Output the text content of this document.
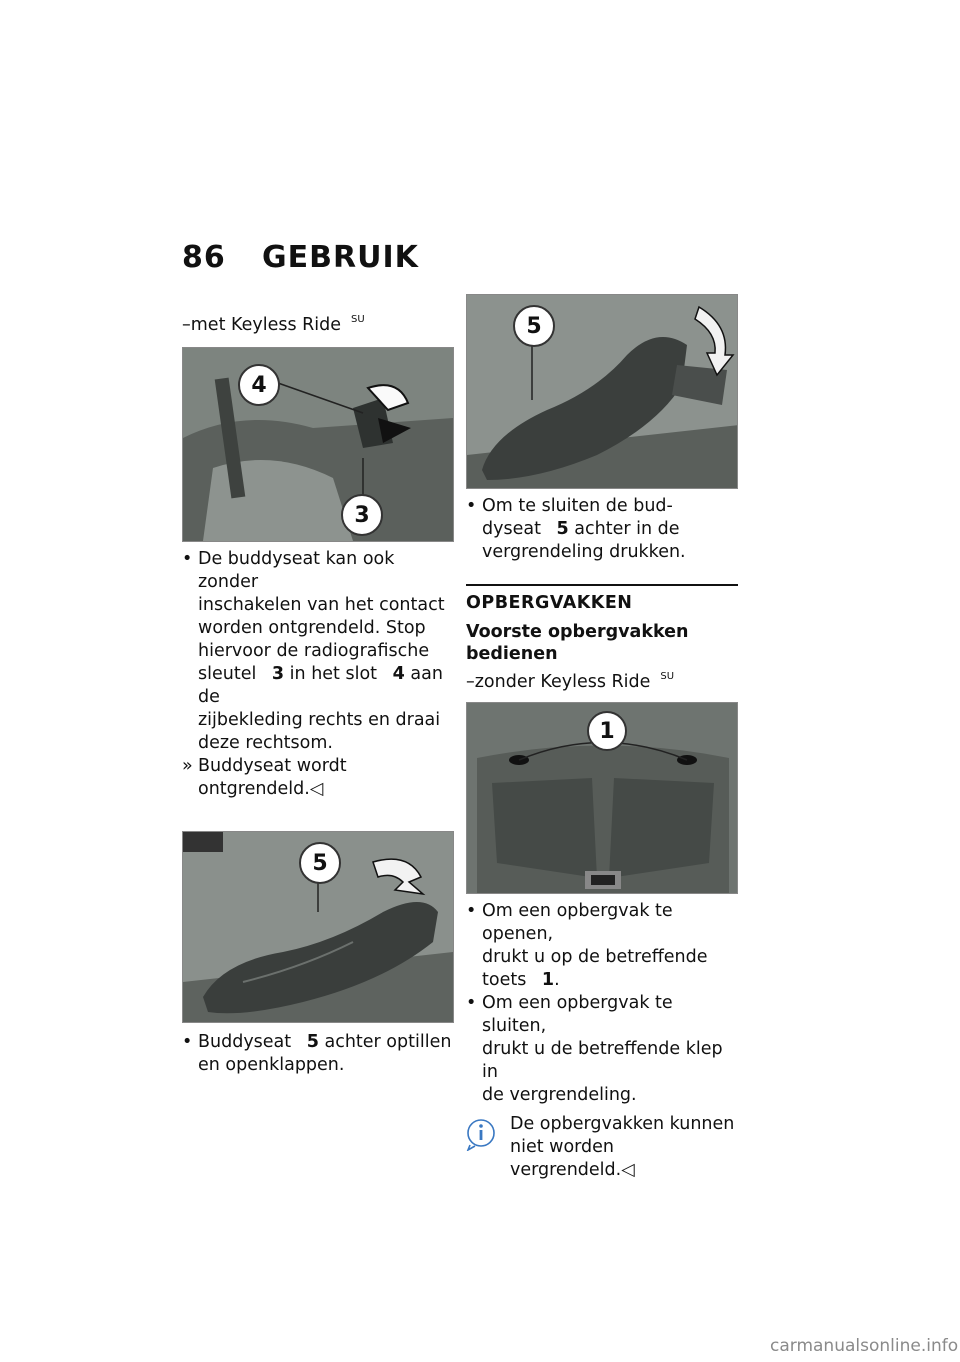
86 GEBRUIK

–met Keyless Ride $^{SU}$

4
3
• De buddyseat kan ook zonder
inschakelen van het contact
worden ontgrendeld. Stop
hiervoor de radiografische
sleutel 3 in het slot 4 aan de
zijbekleding rechts en draai
deze rechtsom.
» Buddyseat wordt
ontgrendeld.◁
5
• Buddyseat 5 achter optillen
en openklappen.
5
• Om te sluiten de bud-
dyseat 5 achter in de
vergrendeling drukken.

OPBERGVAKKEN

Voorste opbergvakken
bedienen

–zonder Keyless Ride $^{SU}$

1
• Om een opbergvak te openen,
drukt u op de betreffende
toets 1.
• Om een opbergvak te sluiten,
drukt u de betreffende klep in
de vergrendeling.
De opbergvakken kunnen
niet worden vergrendeld.◁
carmanualsonline.info
